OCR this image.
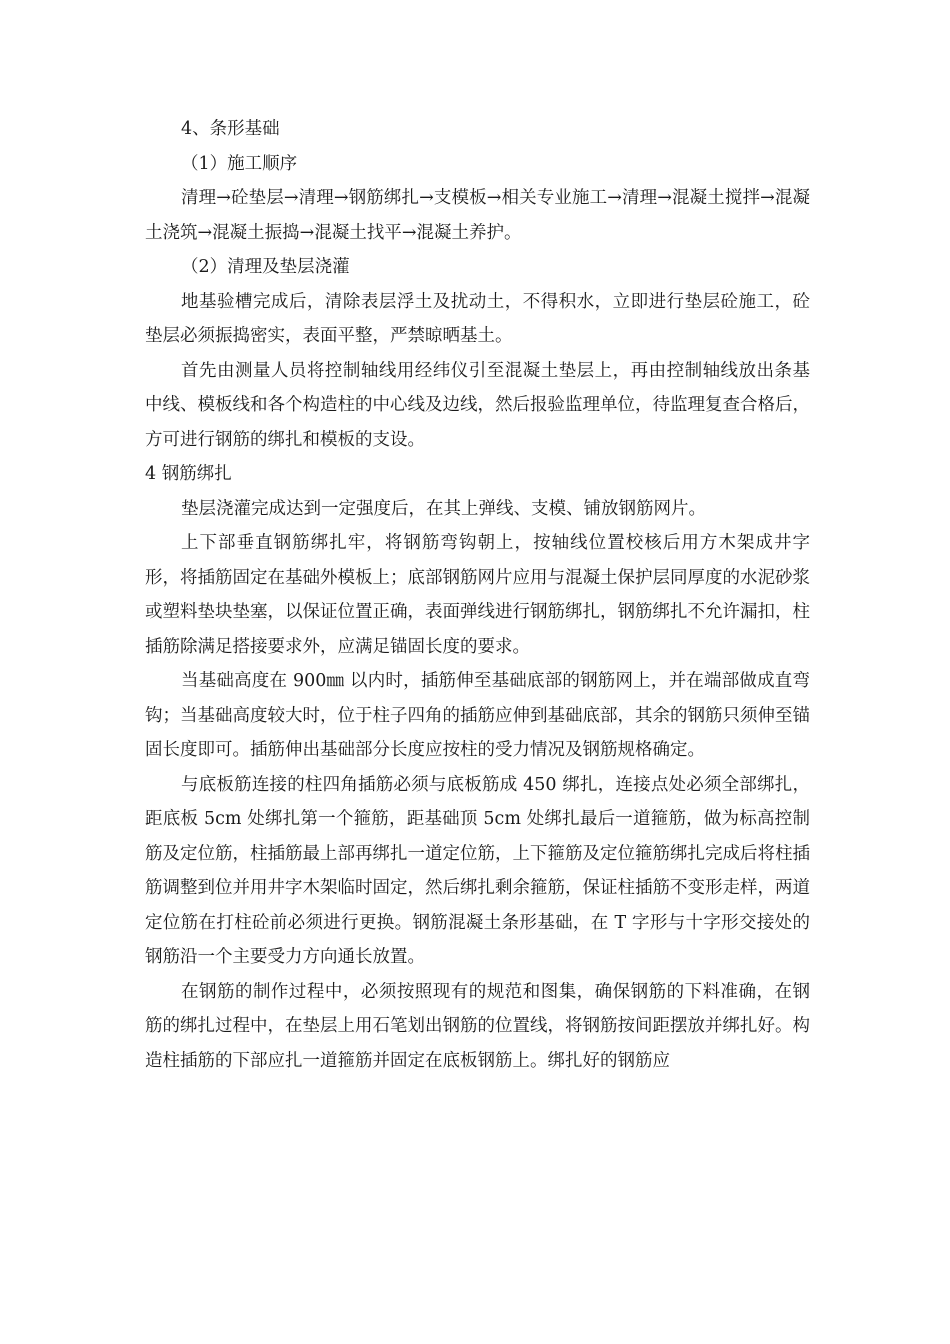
4、条形基础

（1）施工顺序

清理→砼垫层→清理→钢筋绑扎→支模板→相关专业施工→清理→混凝土搅拌→混凝土浇筑→混凝土振捣→混凝土找平→混凝土养护。

（2）清理及垫层浇灌

地基验槽完成后，清除表层浮土及扰动土，不得积水，立即进行垫层砼施工，砼垫层必须振捣密实，表面平整，严禁晾晒基土。

首先由测量人员将控制轴线用经纬仪引至混凝土垫层上，再由控制轴线放出条基中线、模板线和各个构造柱的中心线及边线，然后报验监理单位，待监理复查合格后，方可进行钢筋的绑扎和模板的支设。

4 钢筋绑扎

垫层浇灌完成达到一定强度后，在其上弹线、支模、铺放钢筋网片。

上下部垂直钢筋绑扎牢，将钢筋弯钩朝上，按轴线位置校核后用方木架成井字形，将插筋固定在基础外模板上；底部钢筋网片应用与混凝土保护层同厚度的水泥砂浆或塑料垫块垫塞，以保证位置正确，表面弹线进行钢筋绑扎，钢筋绑扎不允许漏扣，柱插筋除满足搭接要求外，应满足锚固长度的要求。

当基础高度在 900㎜ 以内时，插筋伸至基础底部的钢筋网上，并在端部做成直弯钩；当基础高度较大时，位于柱子四角的插筋应伸到基础底部，其余的钢筋只须伸至锚固长度即可。插筋伸出基础部分长度应按柱的受力情况及钢筋规格确定。

与底板筋连接的柱四角插筋必须与底板筋成 450 绑扎，连接点处必须全部绑扎，距底板 5cm 处绑扎第一个箍筋，距基础顶 5cm 处绑扎最后一道箍筋，做为标高控制筋及定位筋，柱插筋最上部再绑扎一道定位筋，上下箍筋及定位箍筋绑扎完成后将柱插筋调整到位并用井字木架临时固定，然后绑扎剩余箍筋，保证柱插筋不变形走样，两道定位筋在打柱砼前必须进行更换。钢筋混凝土条形基础，在 T 字形与十字形交接处的钢筋沿一个主要受力方向通长放置。

在钢筋的制作过程中，必须按照现有的规范和图集，确保钢筋的下料准确，在钢筋的绑扎过程中，在垫层上用石笔划出钢筋的位置线，将钢筋按间距摆放并绑扎好。构造柱插筋的下部应扎一道箍筋并固定在底板钢筋上。绑扎好的钢筋应
